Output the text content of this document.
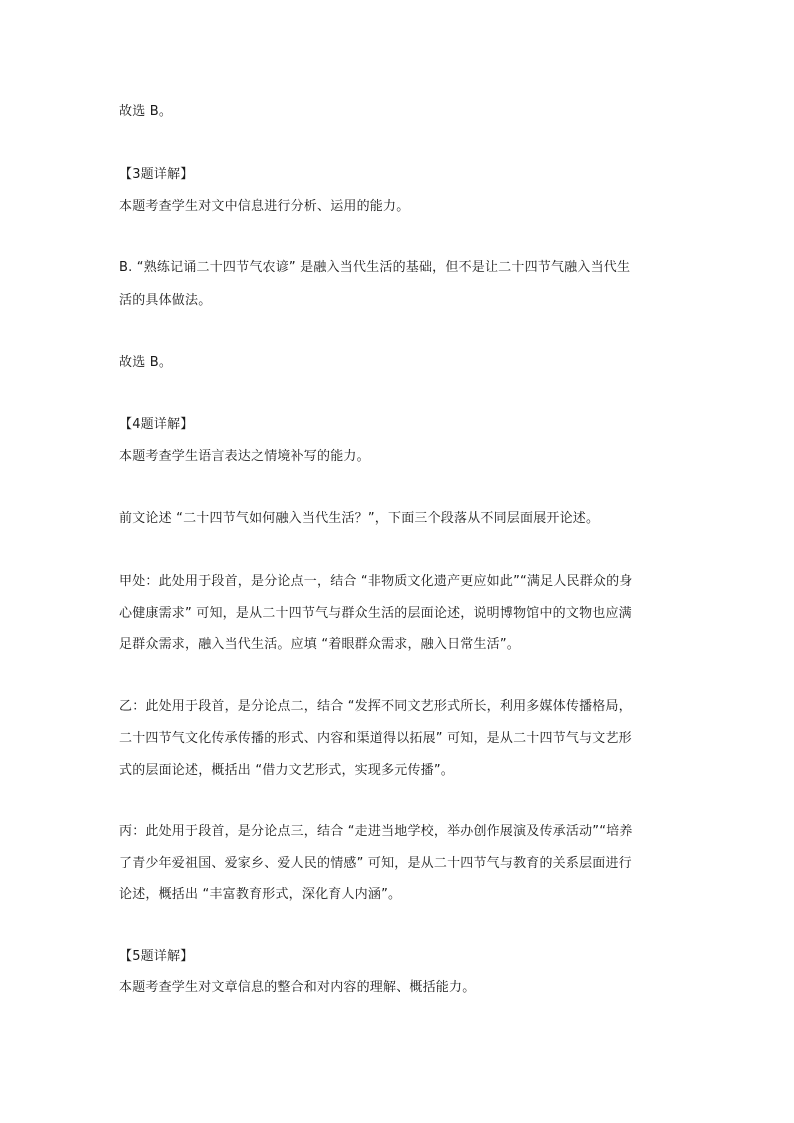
故选 B。
【3题详解】
本题考查学生对文中信息进行分析、运用的能力。
B. “熟练记诵二十四节气农谚” 是融入当代生活的基础，但不是让二十四节气融入当代生
活的具体做法。
故选 B。
【4题详解】
本题考查学生语言表达之情境补写的能力。
前文论述 “二十四节气如何融入当代生活？”，下面三个段落从不同层面展开论述。
甲处：此处用于段首，是分论点一，结合 “非物质文化遗产更应如此”“满足人民群众的身
心健康需求” 可知，是从二十四节气与群众生活的层面论述，说明博物馆中的文物也应满
足群众需求，融入当代生活。应填 “着眼群众需求，融入日常生活”。
乙：此处用于段首，是分论点二，结合 “发挥不同文艺形式所长，利用多媒体传播格局，
二十四节气文化传承传播的形式、内容和渠道得以拓展” 可知，是从二十四节气与文艺形
式的层面论述，概括出 “借力文艺形式，实现多元传播”。
丙：此处用于段首，是分论点三，结合 “走进当地学校，举办创作展演及传承活动”“培养
了青少年爱祖国、爱家乡、爱人民的情感” 可知，是从二十四节气与教育的关系层面进行
论述，概括出 “丰富教育形式，深化育人内涵”。
【5题详解】
本题考查学生对文章信息的整合和对内容的理解、概括能力。
